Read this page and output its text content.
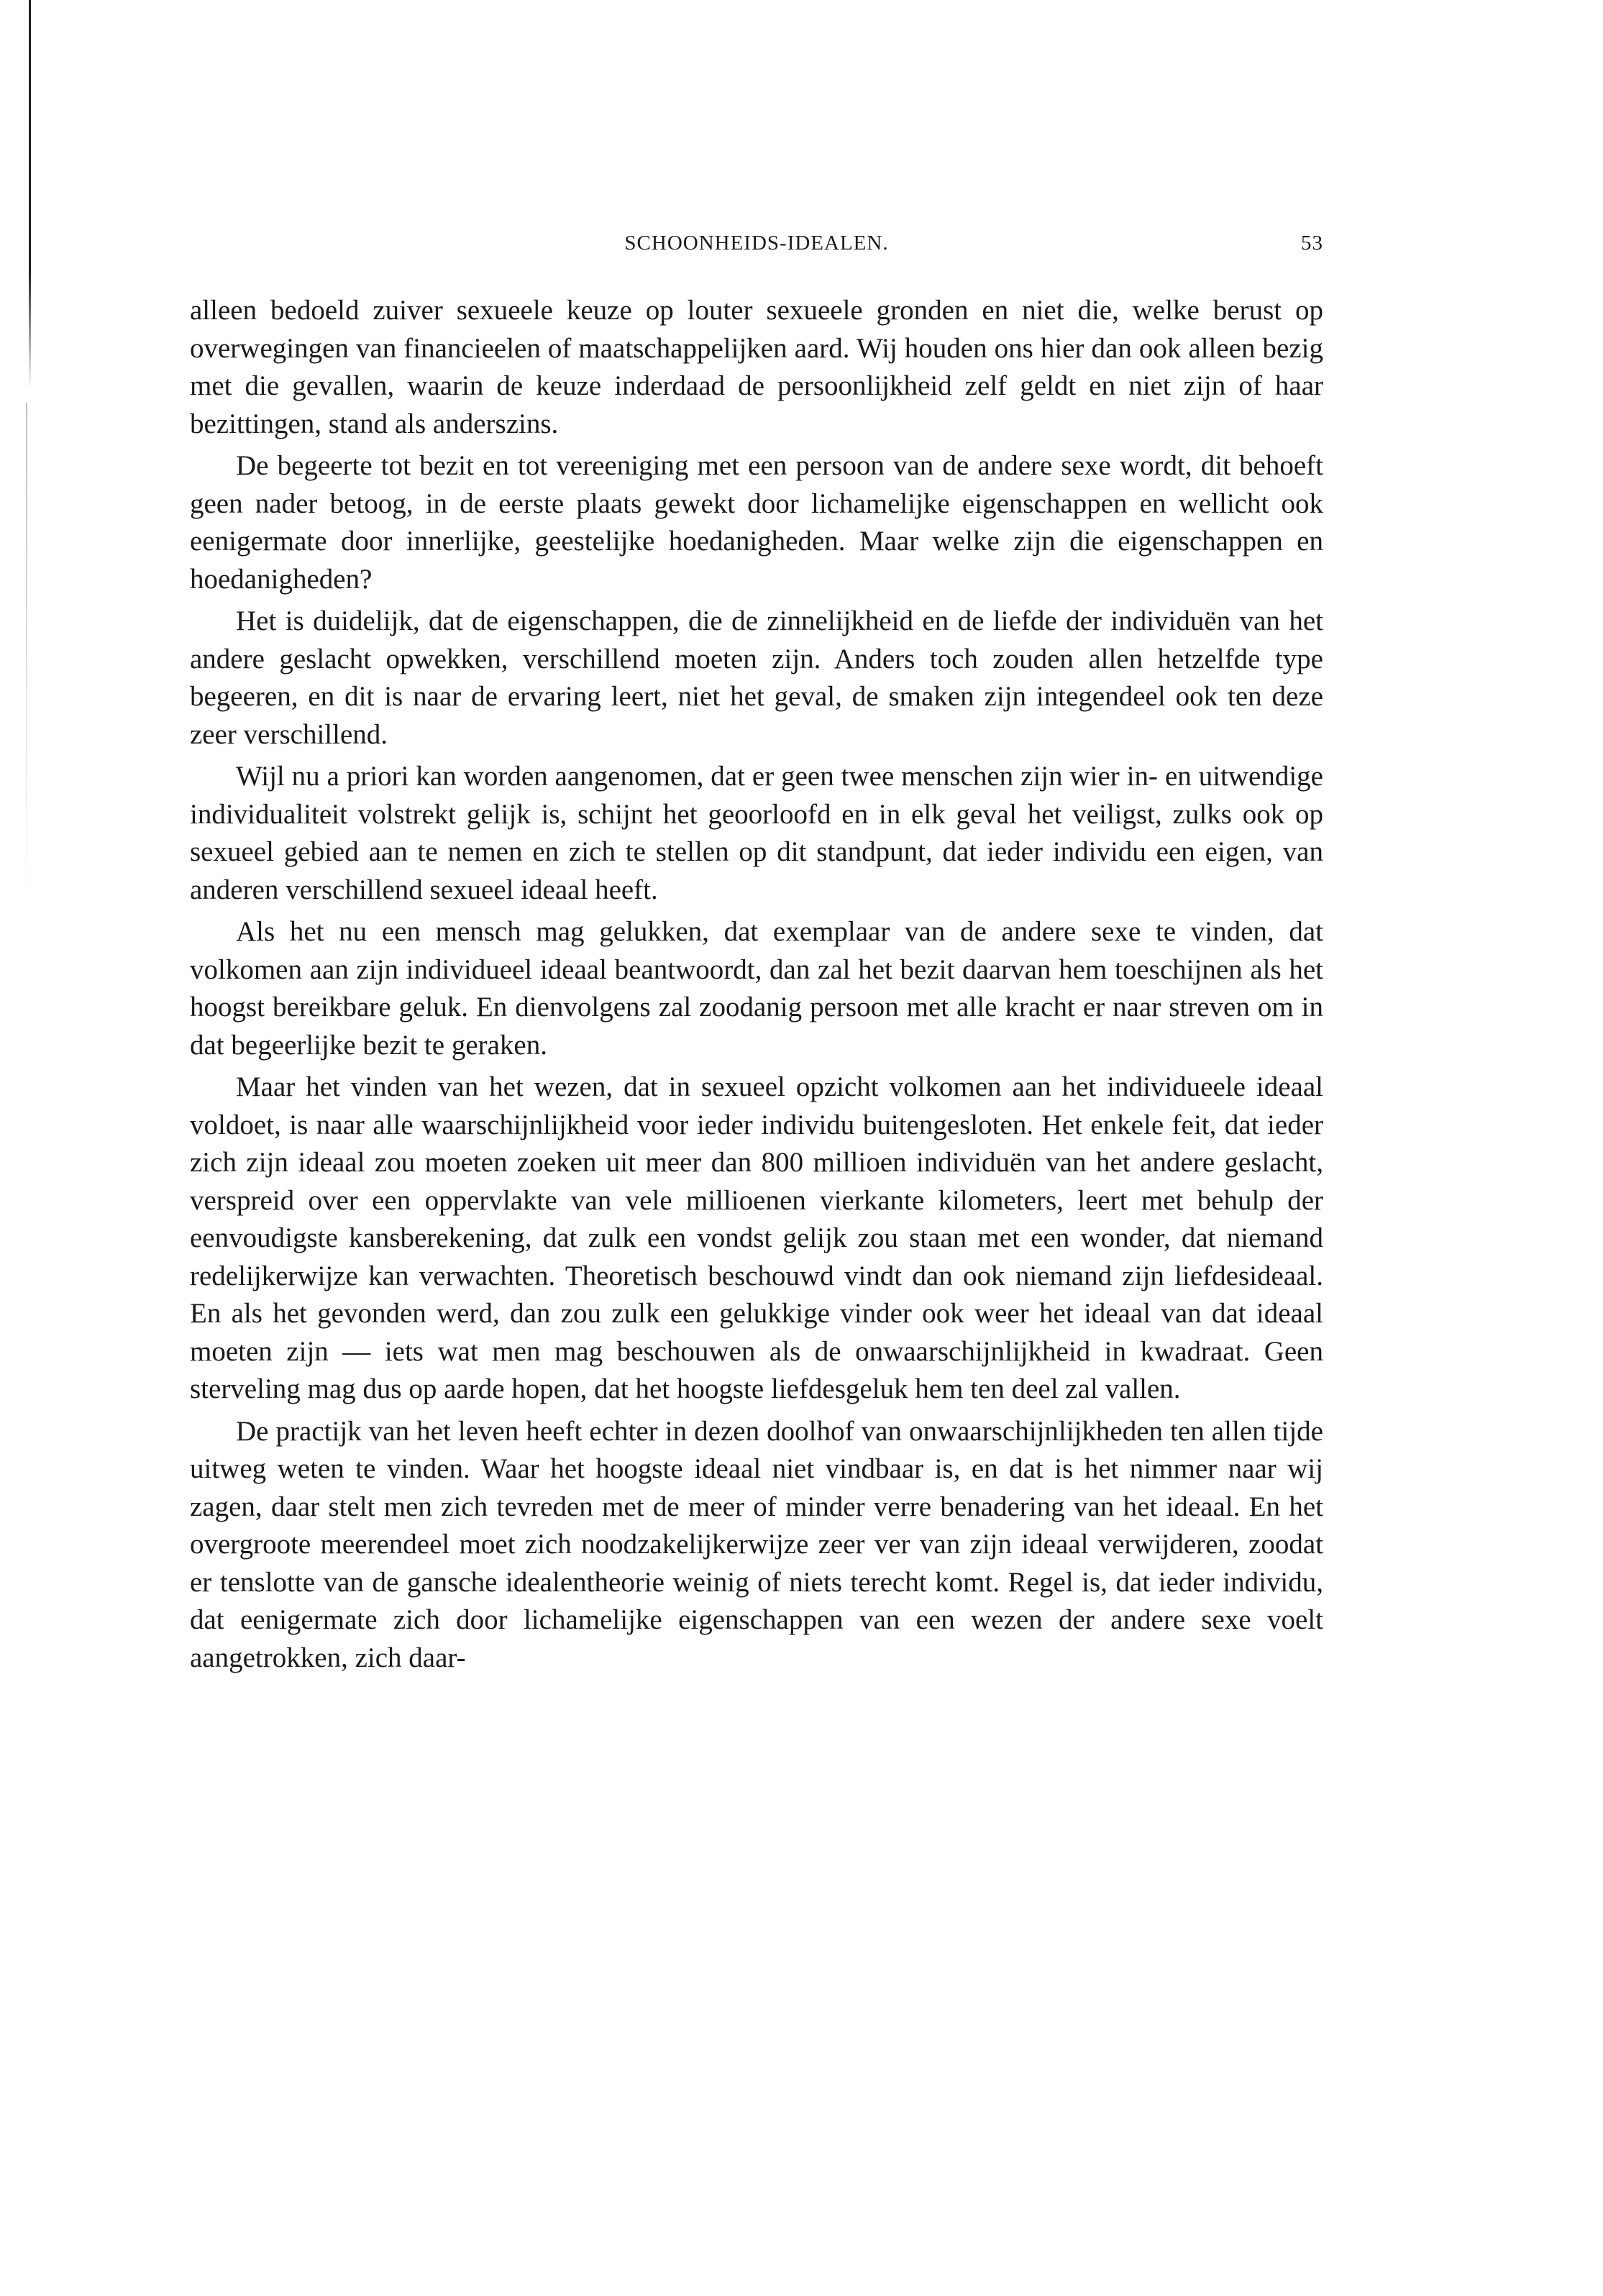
SCHOONHEIDS-IDEALEN.	53

alleen bedoeld zuiver sexueele keuze op louter sexueele gronden en niet die, welke berust op overwegingen van financieelen of maatschappelijken aard. Wij houden ons hier dan ook alleen bezig met die gevallen, waarin de keuze inderdaad de persoonlijkheid zelf geldt en niet zijn of haar bezittingen, stand als anderszins.

De begeerte tot bezit en tot vereeniging met een persoon van de andere sexe wordt, dit behoeft geen nader betoog, in de eerste plaats gewekt door lichamelijke eigenschappen en wellicht ook eenigermate door innerlijke, geestelijke hoedanigheden. Maar welke zijn die eigenschappen en hoedanigheden?

Het is duidelijk, dat de eigenschappen, die de zinnelijkheid en de liefde der individuën van het andere geslacht opwekken, verschillend moeten zijn. Anders toch zouden allen hetzelfde type begeeren, en dit is naar de ervaring leert, niet het geval, de smaken zijn integendeel ook ten deze zeer verschillend.

Wijl nu a priori kan worden aangenomen, dat er geen twee menschen zijn wier in- en uitwendige individualiteit volstrekt gelijk is, schijnt het geoorloofd en in elk geval het veiligst, zulks ook op sexueel gebied aan te nemen en zich te stellen op dit standpunt, dat ieder individu een eigen, van anderen verschillend sexueel ideaal heeft.

Als het nu een mensch mag gelukken, dat exemplaar van de andere sexe te vinden, dat volkomen aan zijn individueel ideaal beantwoordt, dan zal het bezit daarvan hem toeschijnen als het hoogst bereikbare geluk. En dienvolgens zal zoodanig persoon met alle kracht er naar streven om in dat begeerlijke bezit te geraken.

Maar het vinden van het wezen, dat in sexueel opzicht volkomen aan het individueele ideaal voldoet, is naar alle waarschijnlijkheid voor ieder individu buitengesloten. Het enkele feit, dat ieder zich zijn ideaal zou moeten zoeken uit meer dan 800 millioen individuën van het andere geslacht, verspreid over een oppervlakte van vele millioenen vierkante kilometers, leert met behulp der eenvoudigste kansberekening, dat zulk een vondst gelijk zou staan met een wonder, dat niemand redelijkerwijze kan verwachten. Theoretisch beschouwd vindt dan ook niemand zijn liefdesideaal. En als het gevonden werd, dan zou zulk een gelukkige vinder ook weer het ideaal van dat ideaal moeten zijn — iets wat men mag beschouwen als de onwaarschijnlijkheid in kwadraat. Geen sterveling mag dus op aarde hopen, dat het hoogste liefdesgeluk hem ten deel zal vallen.

De practijk van het leven heeft echter in dezen doolhof van onwaarschijnlijkheden ten allen tijde uitweg weten te vinden. Waar het hoogste ideaal niet vindbaar is, en dat is het nimmer naar wij zagen, daar stelt men zich tevreden met de meer of minder verre benadering van het ideaal. En het overgroote meerendeel moet zich noodzakelijkerwijze zeer ver van zijn ideaal verwijderen, zoodat er tenslotte van de gansche idealentheorie weinig of niets terecht komt. Regel is, dat ieder individu, dat eenigermate zich door lichamelijke eigenschappen van een wezen der andere sexe voelt aangetrokken, zich daar-
